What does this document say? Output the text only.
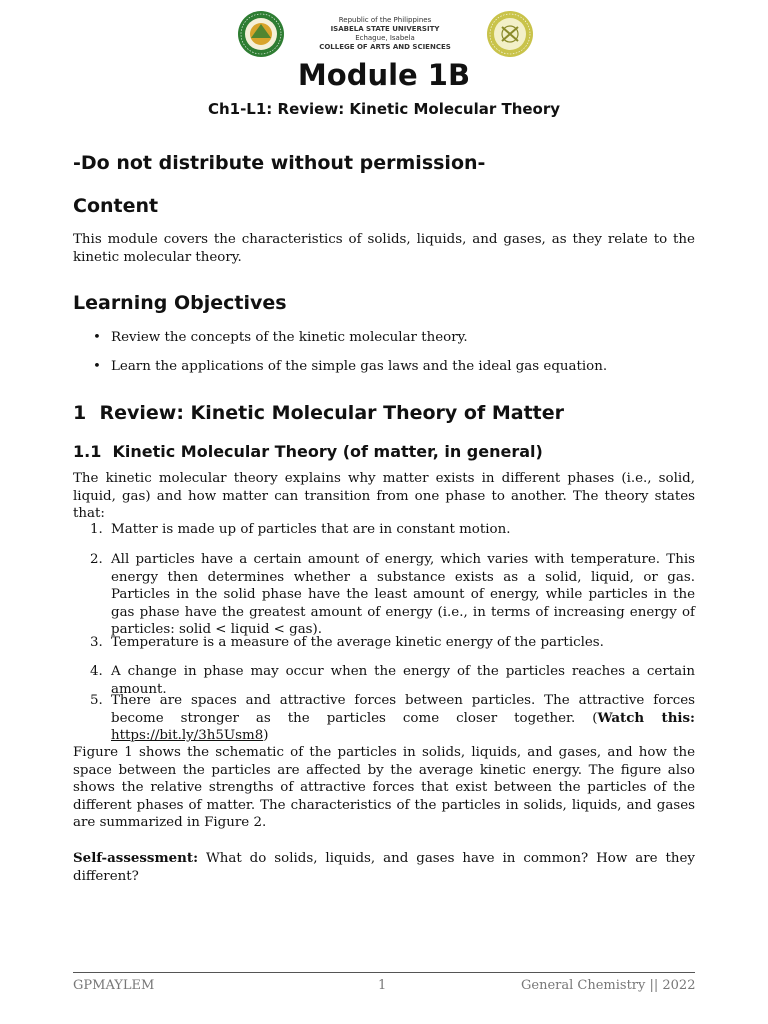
Republic of the Philippines
ISABELA STATE UNIVERSITY
Echague, Isabela
COLLEGE OF ARTS AND SCIENCES
Module 1B

Ch1-L1: Review: Kinetic Molecular Theory

-Do not distribute without permission-
Content

This module covers the characteristics of solids, liquids, and gases, as they relate to the kinetic molecular theory.

Learning Objectives

• Review the concepts of the kinetic molecular theory.

• Learn the applications of the simple gas laws and the ideal gas equation.

1 Review: Kinetic Molecular Theory of Matter
1.1 Kinetic Molecular Theory (of matter, in general)

The kinetic molecular theory explains why matter exists in different phases (i.e., solid, liquid, gas) and how matter can transition from one phase to another. The theory states that:

1. Matter is made up of particles that are in constant motion.
2. All particles have a certain amount of energy, which varies with temperature. This energy then determines whether a substance exists as a solid, liquid, or gas. Particles in the solid phase have the least amount of energy, while particles in the gas phase have the greatest amount of energy (i.e., in terms of increasing energy of particles: solid < liquid < gas).
3. Temperature is a measure of the average kinetic energy of the particles.
4. A change in phase may occur when the energy of the particles reaches a certain amount.
5. There are spaces and attractive forces between particles. The attractive forces become stronger as the particles come closer together. (Watch this: https://bit.ly/3h5Usm8)

Figure 1 shows the schematic of the particles in solids, liquids, and gases, and how the space between the particles are affected by the average kinetic energy. The figure also shows the relative strengths of attractive forces that exist between the particles of the different phases of matter. The characteristics of the particles in solids, liquids, and gases are summarized in Figure 2.

Self-assessment: What do solids, liquids, and gases have in common? How are they different?

GPMAYLEM	1	General Chemistry || 2022
